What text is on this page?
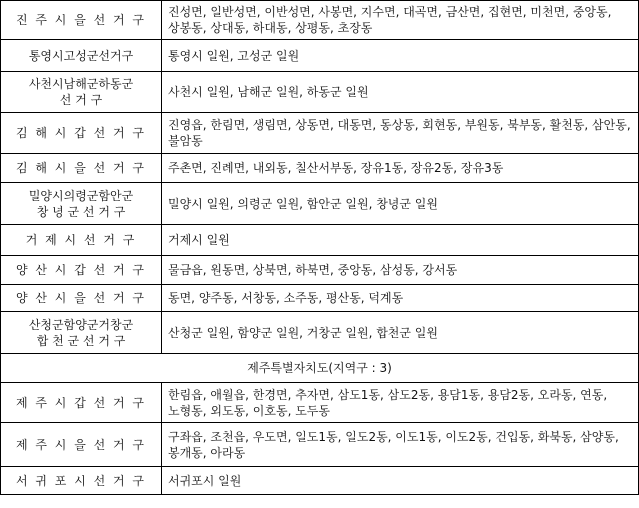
진 주 시 을 선 거 구	진성면, 일반성면, 이반성면, 사봉면, 지수면, 대곡면, 금산면, 집현면, 미천면, 중앙동, 상봉동, 상대동, 하대동, 상평동, 초장동
통영시고성군선거구	통영시 일원, 고성군 일원
사천시남해군하동군
선 거 구	사천시 일원, 남해군 일원, 하동군 일원
김 해 시 갑 선 거 구	진영읍, 한림면, 생림면, 상동면, 대동면, 동상동, 회현동, 부원동, 북부동, 활천동, 삼안동, 불암동
김 해 시 을 선 거 구	주촌면, 진례면, 내외동, 칠산서부동, 장유1동, 장유2동, 장유3동
밀양시의령군함안군
창 녕 군 선 거 구	밀양시 일원, 의령군 일원, 함안군 일원, 창녕군 일원
거 제 시 선 거 구	거제시 일원
양 산 시 갑 선 거 구	물금읍, 원동면, 상북면, 하북면, 중앙동, 삼성동, 강서동
양 산 시 을 선 거 구	동면, 양주동, 서창동, 소주동, 평산동, 덕계동
산청군함양군거창군
합 천 군 선 거 구	산청군 일원, 함양군 일원, 거창군 일원, 합천군 일원
제주특별자치도(지역구 : 3)	
제 주 시 갑 선 거 구	한림읍, 애월읍, 한경면, 추자면, 삼도1동, 삼도2동, 용담1동, 용담2동, 오라동, 연동, 노형동, 외도동, 이호동, 도두동
제 주 시 을 선 거 구	구좌읍, 조천읍, 우도면, 일도1동, 일도2동, 이도1동, 이도2동, 건입동, 화북동, 삼양동, 봉개동, 아라동
서 귀 포 시 선 거 구	서귀포시 일원
